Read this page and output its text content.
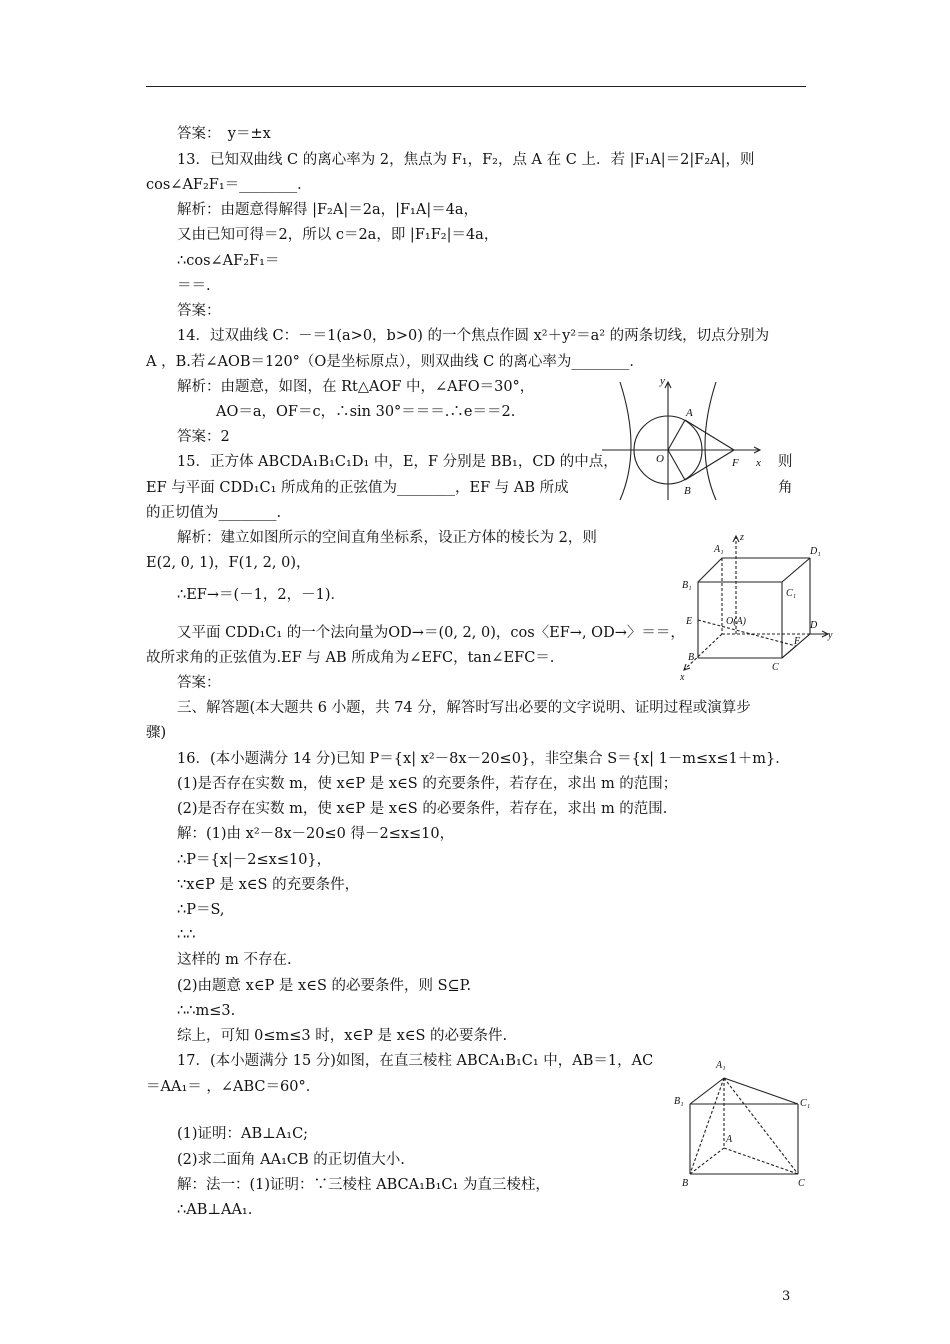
答案：　y＝±x
13．已知双曲线 C 的离心率为 2，焦点为 F₁，F₂，点 A 在 C 上．若 |F₁A|＝2|F₂A|，则
cos∠AF₂F₁＝________．
解析：由题意得解得 |F₂A|＝2a，|F₁A|＝4a，
又由已知可得＝2，所以 c＝2a，即 |F₁F₂|＝4a，
∴cos∠AF₂F₁＝
＝＝.
答案：
14．过双曲线 C：－＝1(a>0，b>0) 的一个焦点作圆 x²＋y²＝a² 的两条切线，切点分别为
A ，B.若∠AOB＝120°（O是坐标原点），则双曲线 C 的离心率为________．
解析：由题意，如图，在 Rt△AOF 中，∠AFO＝30°，
AO＝a，OF＝c，∴sin 30°＝＝＝.∴e＝＝2.
答案：2
15．正方体 ABCDA₁B₁C₁D₁ 中，E，F 分别是 BB₁，CD 的中点，
EF 与平面 CDD₁C₁ 所成角的正弦值为________，EF 与 AB 所成
的正切值为________.
解析：建立如图所示的空间直角坐标系，设正方体的棱长为 2，则
E(2, 0, 1)，F(1, 2, 0)，
∴EF→＝(－1，2，－1)．
又平面 CDD₁C₁ 的一个法向量为OD→＝(0, 2, 0)，cos〈EF→, OD→〉＝＝，
故所求角的正弦值为.EF 与 AB 所成角为∠EFC，tan∠EFC＝.
答案：
三、解答题(本大题共 6 小题，共 74 分，解答时写出必要的文字说明、证明过程或演算步
骤)
16．(本小题满分 14 分)已知 P＝{x| x²－8x－20≤0}，非空集合 S＝{x| 1－m≤x≤1＋m}．
(1)是否存在实数 m，使 x∈P 是 x∈S 的充要条件，若存在，求出 m 的范围；
(2)是否存在实数 m，使 x∈P 是 x∈S 的必要条件，若存在，求出 m 的范围.
解：(1)由 x²－8x－20≤0 得－2≤x≤10，
∴P＝{x|－2≤x≤10}，
∵x∈P 是 x∈S 的充要条件，
∴P＝S,
∴∴
这样的 m 不存在.
(2)由题意 x∈P 是 x∈S 的必要条件，则 S⊆P.
∴∴m≤3.
综上，可知 0≤m≤3 时，x∈P 是 x∈S 的必要条件.
17．(本小题满分 15 分)如图，在直三棱柱 ABCA₁B₁C₁ 中，AB＝1，AC
＝AA₁＝ ，∠ABC＝60°．
(1)证明：AB⊥A₁C;
(2)求二面角 AA₁CB 的正切值大小.
解：法一：(1)证明：∵三棱柱 ABCA₁B₁C₁ 为直三棱柱，
∴AB⊥AA₁.
则
角
y
x
O
A
B
F
A₁
z
D₁
B₁
C₁
E	O(A)	D
y
F
B
C
x
A₁
B₁	C₁
A
B	C
3
